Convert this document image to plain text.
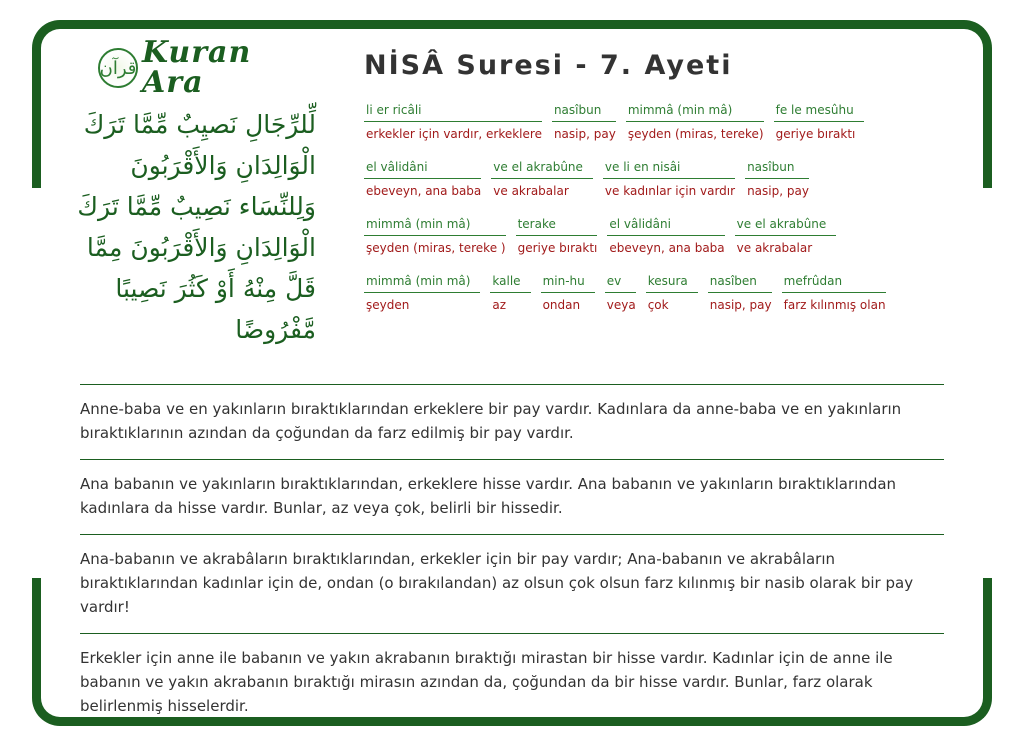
قرآن Kuran Ara
لِّلرِّجَالِ نَصيِبٌ مِّمَّا تَرَكَ
الْوَالِدَانِ وَالأَقْرَبُونَ
وَلِلنِّسَاء نَصِيبٌ مِّمَّا تَرَكَ
الْوَالِدَانِ وَالأَقْرَبُونَ مِمَّا
قَلَّ مِنْهُ أَوْ كَثُرَ نَصِيبًا
مَّفْرُوضًا
NİSÂ Suresi - 7. Ayeti
li er ricâli
erkekler için vardır, erkeklere
nasîbun
nasip, pay
mimmâ (min mâ)
şeyden (miras, tereke)
fe le mesûhu
geriye bıraktı
el vâlidâni
ebeveyn, ana baba
ve el akrabûne
ve akrabalar
ve li en nisâi
ve kadınlar için vardır
nasîbun
nasip, pay
mimmâ (min mâ)
şeyden (miras, tereke )
terake
geriye bıraktı
el vâlidâni
ebeveyn, ana baba
ve el akrabûne
ve akrabalar
mimmâ (min mâ)
şeyden
kalle
az
min-hu
ondan
ev
veya
kesura
çok
nasîben
nasip, pay
mefrûdan
farz kılınmış olan

Anne-baba ve en yakınların bıraktıklarından erkeklere bir pay vardır. Kadınlara da anne-baba ve en yakınların bıraktıklarının azından da çoğundan da farz edilmiş bir pay vardır.

Ana babanın ve yakınların bıraktıklarından, erkeklere hisse vardır. Ana babanın ve yakınların bıraktıklarından kadınlara da hisse vardır. Bunlar, az veya çok, belirli bir hissedir.

Ana-babanın ve akrabâların bıraktıklarından, erkekler için bir pay vardır; Ana-babanın ve akrabâların bıraktıklarından kadınlar için de, ondan (o bırakılandan) az olsun çok olsun farz kılınmış bir nasib olarak bir pay vardır!

Erkekler için anne ile babanın ve yakın akrabanın bıraktığı mirastan bir hisse vardır. Kadınlar için de anne ile babanın ve yakın akrabanın bıraktığı mirasın azından da, çoğundan da bir hisse vardır. Bunlar, farz olarak belirlenmiş hisselerdir.
